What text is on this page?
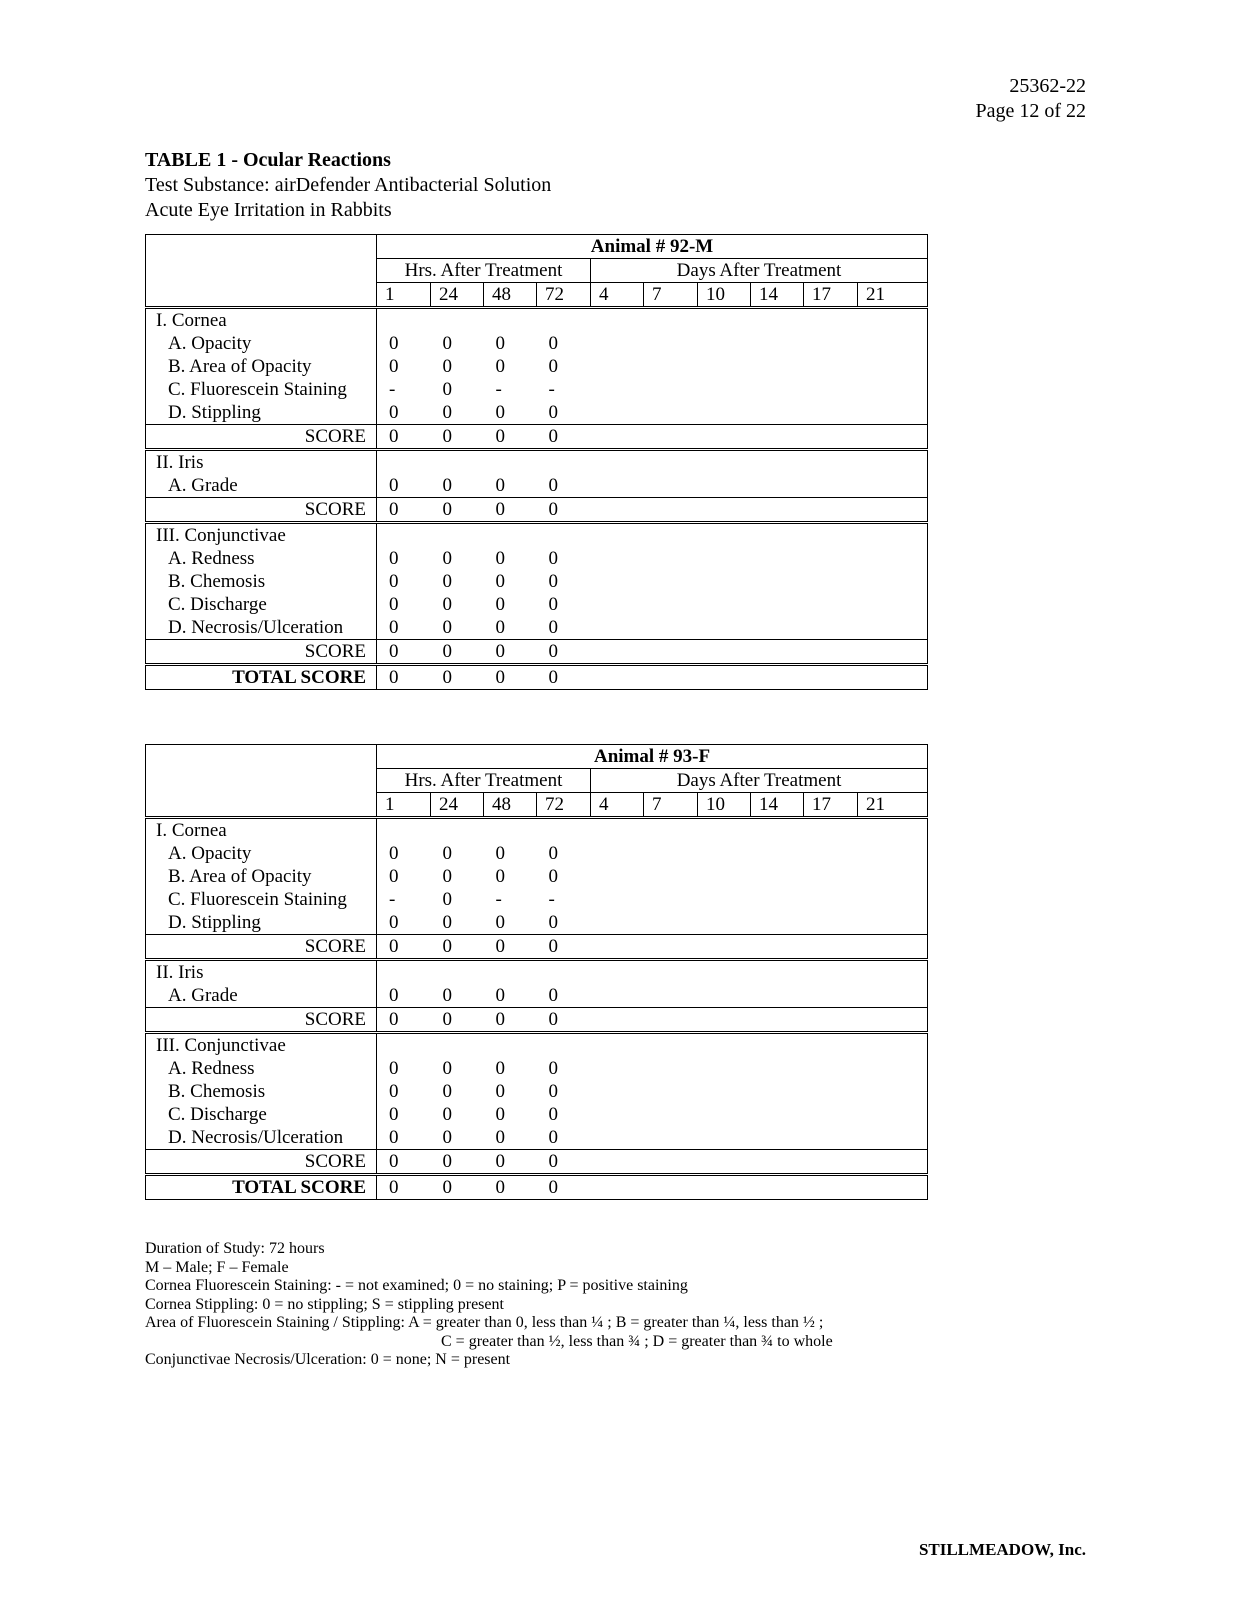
25362-22
Page 12 of 22
TABLE 1 - Ocular Reactions
Test Substance: airDefender Antibacterial Solution
Acute Eye Irritation in Rabbits
	Animal # 92-M									
	Hrs. After Treatment				Days After Treatment					
	1	24	48	72	4	7	10	14	17	21
I. Cornea										
A. Opacity	0	0	0	0						
B. Area of Opacity	0	0	0	0						
C. Fluorescein Staining	-	0	-	-						
D. Stippling	0	0	0	0						
SCORE	0	0	0	0						
II. Iris										
A. Grade	0	0	0	0						
SCORE	0	0	0	0						
III. Conjunctivae										
A. Redness	0	0	0	0						
B. Chemosis	0	0	0	0						
C. Discharge	0	0	0	0						
D. Necrosis/Ulceration	0	0	0	0						
SCORE	0	0	0	0						
TOTAL SCORE	0	0	0	0						
	Animal # 93-F									
	Hrs. After Treatment				Days After Treatment					
	1	24	48	72	4	7	10	14	17	21
I. Cornea										
A. Opacity	0	0	0	0						
B. Area of Opacity	0	0	0	0						
C. Fluorescein Staining	-	0	-	-						
D. Stippling	0	0	0	0						
SCORE	0	0	0	0						
II. Iris										
A. Grade	0	0	0	0						
SCORE	0	0	0	0						
III. Conjunctivae										
A. Redness	0	0	0	0						
B. Chemosis	0	0	0	0						
C. Discharge	0	0	0	0						
D. Necrosis/Ulceration	0	0	0	0						
SCORE	0	0	0	0						
TOTAL SCORE	0	0	0	0						
Duration of Study: 72 hours
M – Male; F – Female
Cornea Fluorescein Staining: - = not examined; 0 = no staining; P = positive staining
Cornea Stippling: 0 = no stippling; S = stippling present
Area of Fluorescein Staining / Stippling: A = greater than 0, less than ¼ ; B = greater than ¼, less than ½ ;
C = greater than ½, less than ¾ ; D = greater than ¾ to whole
Conjunctivae Necrosis/Ulceration: 0 = none; N = present
STILLMEADOW, Inc.
